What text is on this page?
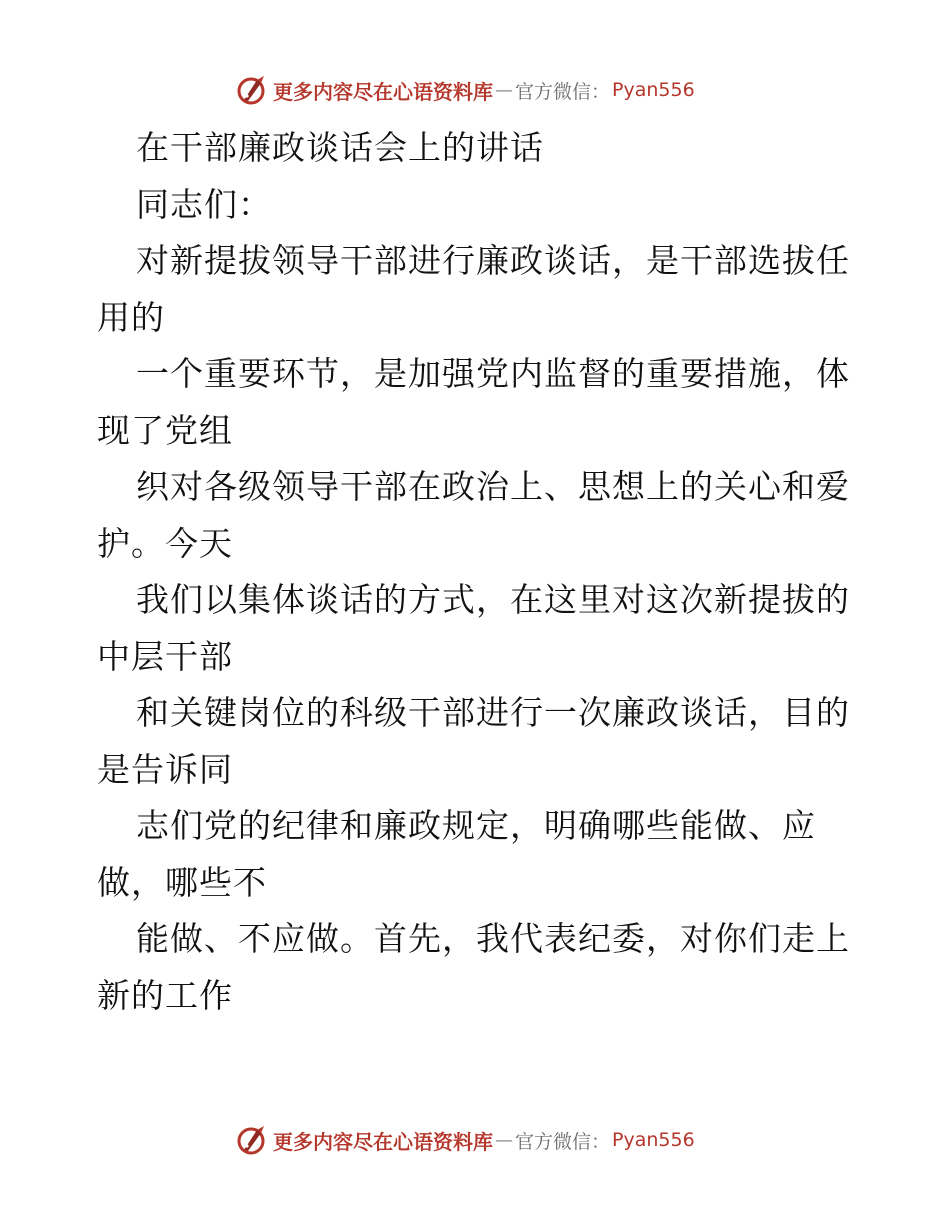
更多内容尽在心语资料库 — 官方微信： Pyan556
在干部廉政谈话会上的讲话
同志们：
对新提拔领导干部进行廉政谈话，是干部选拔任
用的
一个重要环节，是加强党内监督的重要措施，体
现了党组
织对各级领导干部在政治上、思想上的关心和爱
护。今天
我们以集体谈话的方式，在这里对这次新提拔的
中层干部
和关键岗位的科级干部进行一次廉政谈话，目的
是告诉同
志们党的纪律和廉政规定，明确哪些能做、应
做，哪些不
能做、不应做。首先，我代表纪委，对你们走上
新的工作
更多内容尽在心语资料库 — 官方微信： Pyan556
